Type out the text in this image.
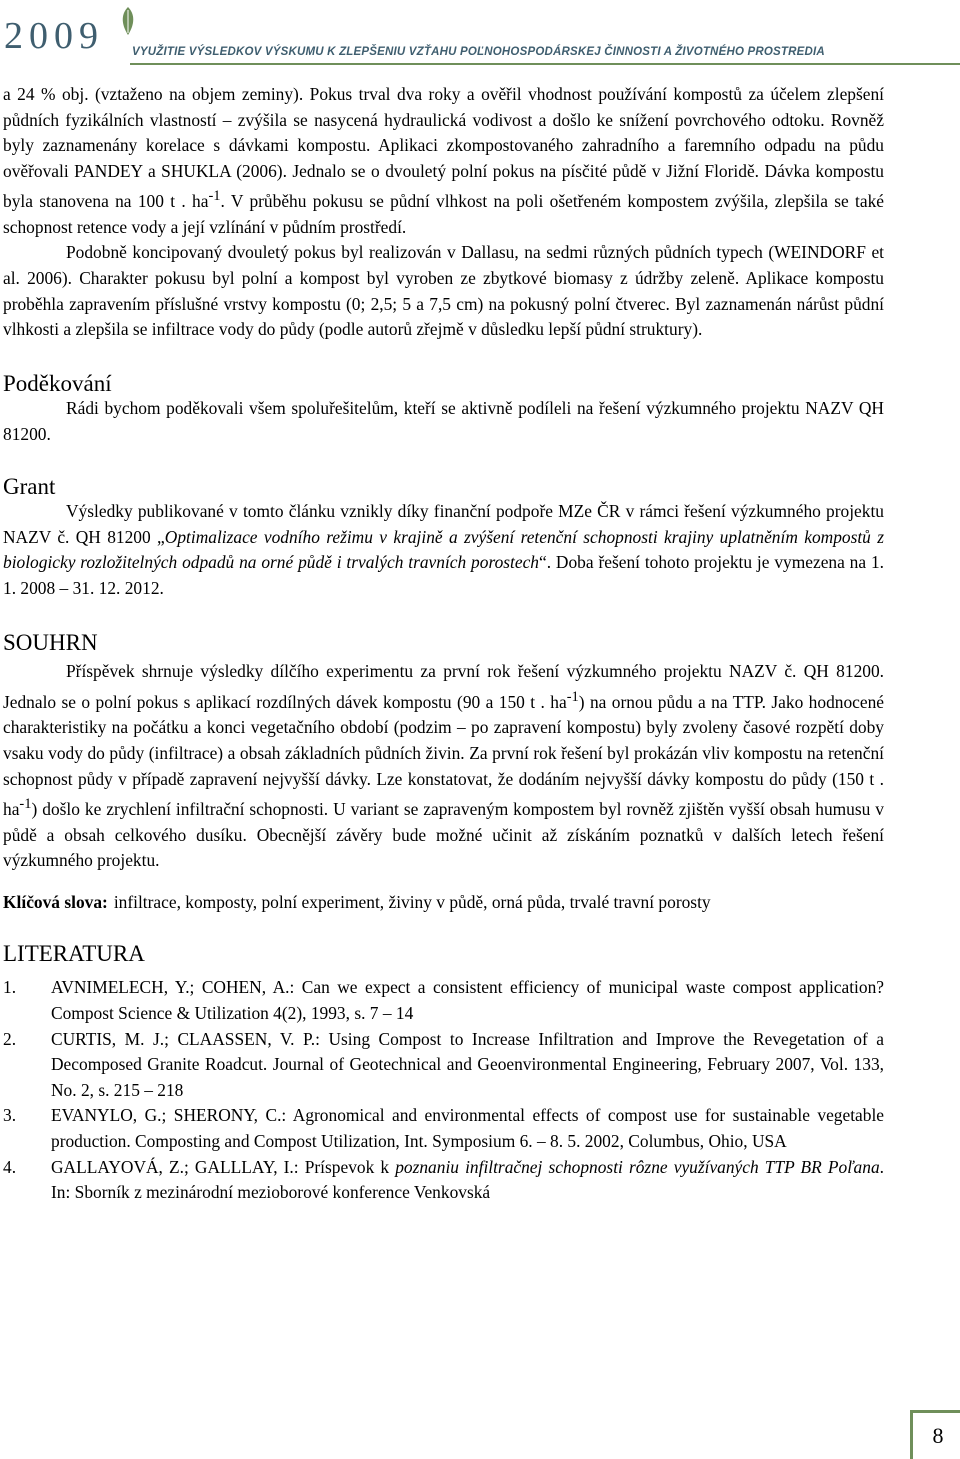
2009 VYUŽITIE VÝSLEDKOV VÝSKUMU K ZLEPŠENIU VZŤAHU POĽNOHOSPODÁRSKEJ ČINNOSTI A ŽIVOTNÉHO PROSTREDIA

a 24 % obj. (vztaženo na objem zeminy). Pokus trval dva roky a ověřil vhodnost používání kompostů za účelem zlepšení půdních fyzikálních vlastností – zvýšila se nasycená hydraulická vodivost a došlo ke snížení povrchového odtoku. Rovněž byly zaznamenány korelace s dávkami kompostu. Aplikaci zkompostovaného zahradního a faremního odpadu na půdu ověřovali PANDEY a SHUKLA (2006). Jednalo se o dvouletý polní pokus na písčité půdě v Jižní Floridě. Dávka kompostu byla stanovena na 100 t . $ha^{-1}$. V průběhu pokusu se půdní vlhkost na poli ošetřeném kompostem zvýšila, zlepšila se také schopnost retence vody a její vzlínání v půdním prostředí.

Podobně koncipovaný dvouletý pokus byl realizován v Dallasu, na sedmi různých půdních typech (WEINDORF et al. 2006). Charakter pokusu byl polní a kompost byl vyroben ze zbytkové biomasy z údržby zeleně. Aplikace kompostu proběhla zapravením příslušné vrstvy kompostu (0; 2,5; 5 a 7,5 cm) na pokusný polní čtverec. Byl zaznamenán nárůst půdní vlhkosti a zlepšila se infiltrace vody do půdy (podle autorů zřejmě v důsledku lepší půdní struktury).

Poděkování

Rádi bychom poděkovali všem spoluřešitelům, kteří se aktivně podíleli na řešení výzkumného projektu NAZV QH 81200.

Grant

Výsledky publikované v tomto článku vznikly díky finanční podpoře MZe ČR v rámci řešení výzkumného projektu NAZV č. QH 81200 „Optimalizace vodního režimu v krajině a zvýšení retenční schopnosti krajiny uplatněním kompostů z biologicky rozložitelných odpadů na orné půdě i trvalých travních porostech“. Doba řešení tohoto projektu je vymezena na 1. 1. 2008 – 31. 12. 2012.

SOUHRN

Příspěvek shrnuje výsledky dílčího experimentu za první rok řešení výzkumného projektu NAZV č. QH 81200. Jednalo se o polní pokus s aplikací rozdílných dávek kompostu (90 a 150 t . $ha^{-1}$) na ornou půdu a na TTP. Jako hodnocené charakteristiky na počátku a konci vegetačního období (podzim – po zapravení kompostu) byly zvoleny časové rozpětí doby vsaku vody do půdy (infiltrace) a obsah základních půdních živin. Za první rok řešení byl prokázán vliv kompostu na retenční schopnost půdy v případě zapravení nejvyšší dávky. Lze konstatovat, že dodáním nejvyšší dávky kompostu do půdy (150 t . $ha^{-1}$) došlo ke zrychlení infiltrační schopnosti. U variant se zapraveným kompostem byl rovněž zjištěn vyšší obsah humusu v půdě a obsah celkového dusíku. Obecnější závěry bude možné učinit až získáním poznatků v dalších letech řešení výzkumného projektu.

Klíčová slova: infiltrace, komposty, polní experiment, živiny v půdě, orná půda, trvalé travní porosty
LITERATURA
1.	AVNIMELECH, Y.; COHEN, A.: Can we expect a consistent efficiency of municipal waste compost application? Compost Science & Utilization 4(2), 1993, s. 7 – 14
2.	CURTIS, M. J.; CLAASSEN, V. P.: Using Compost to Increase Infiltration and Improve the Revegetation of a Decomposed Granite Roadcut. Journal of Geotechnical and Geoenvironmental Engineering, February 2007, Vol. 133, No. 2, s. 215 – 218
3.	EVANYLO, G.; SHERONY, C.: Agronomical and environmental effects of compost use for sustainable vegetable production. Composting and Compost Utilization, Int. Symposium 6. – 8. 5. 2002, Columbus, Ohio, USA
4.	GALLAYOVÁ, Z.; GALLLAY, I.: Príspevok k poznaniu infiltračnej schopnosti rôzne využívaných TTP BR Poľana. In: Sborník z mezinárodní mezioborové konference Venkovská
8
